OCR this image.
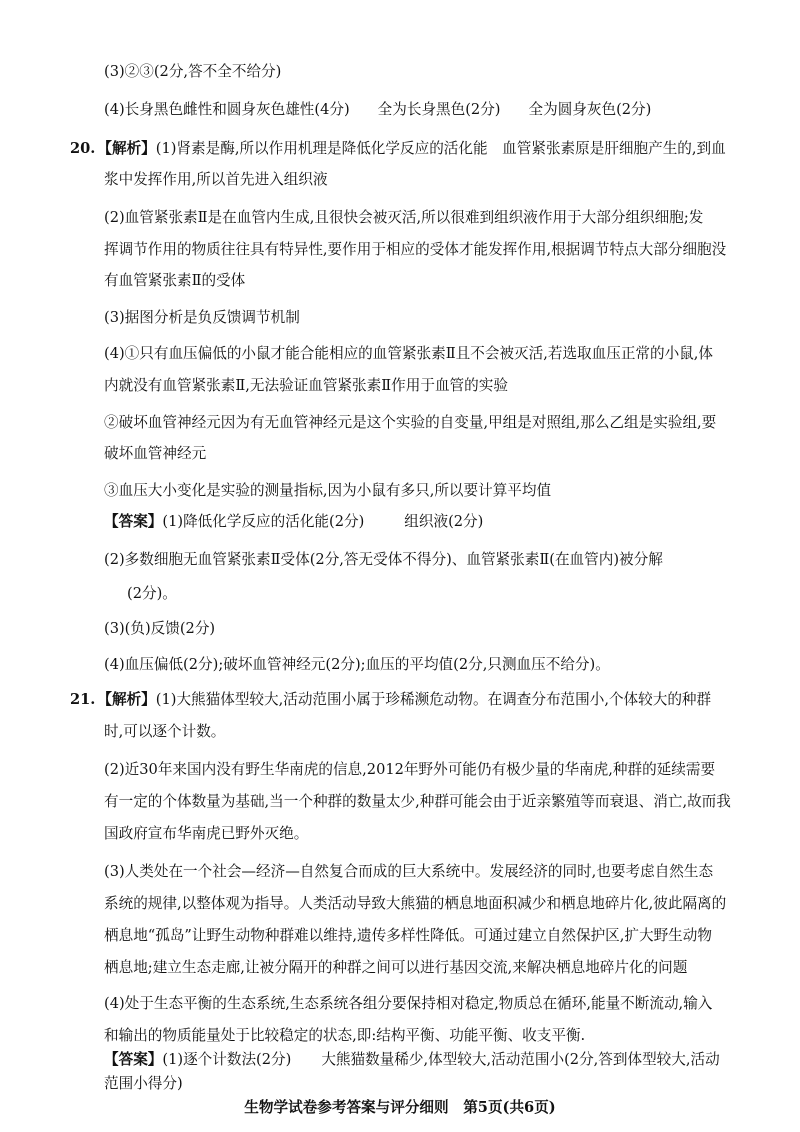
(3)②③(2分,答不全不给分)
(4)长身黑色雌性和圆身灰色雄性(4分) 全为长身黑色(2分) 全为圆身灰色(2分)
20. 【解析】(1)肾素是酶,所以作用机理是降低化学反应的活化能　血管紧张素原是肝细胞产生的,到血
浆中发挥作用,所以首先进入组织液
(2)血管紧张素Ⅱ是在血管内生成,且很快会被灭活,所以很难到组织液作用于大部分组织细胞;发
挥调节作用的物质往往具有特异性,要作用于相应的受体才能发挥作用,根据调节特点大部分细胞没
有血管紧张素Ⅱ的受体
(3)据图分析是负反馈调节机制
(4)①只有血压偏低的小鼠才能合能相应的血管紧张素Ⅱ且不会被灭活,若选取血压正常的小鼠,体
内就没有血管紧张素Ⅱ,无法验证血管紧张素Ⅱ作用于血管的实验
②破坏血管神经元因为有无血管神经元是这个实验的自变量,甲组是对照组,那么乙组是实验组,要
破坏血管神经元
③血压大小变化是实验的测量指标,因为小鼠有多只,所以要计算平均值
【答案】(1)降低化学反应的活化能(2分)	组织液(2分)
(2)多数细胞无血管紧张素Ⅱ受体(2分,答无受体不得分)、血管紧张素Ⅱ(在血管内)被分解
(2分)。
(3)(负)反馈(2分)
(4)血压偏低(2分);破坏血管神经元(2分);血压的平均值(2分,只测血压不给分)。
21. 【解析】(1)大熊猫体型较大,活动范围小属于珍稀濒危动物。在调查分布范围小,个体较大的种群
时,可以逐个计数。
(2)近30年来国内没有野生华南虎的信息,2012年野外可能仍有极少量的华南虎,种群的延续需要
有一定的个体数量为基础,当一个种群的数量太少,种群可能会由于近亲繁殖等而衰退、消亡,故而我
国政府宣布华南虎已野外灭绝。
(3)人类处在一个社会—经济—自然复合而成的巨大系统中。发展经济的同时,也要考虑自然生态
系统的规律,以整体观为指导。人类活动导致大熊猫的栖息地面积减少和栖息地碎片化,彼此隔离的
栖息地“孤岛”让野生动物种群难以维持,遗传多样性降低。可通过建立自然保护区,扩大野生动物
栖息地;建立生态走廊,让被分隔开的种群之间可以进行基因交流,来解决栖息地碎片化的问题
(4)处于生态平衡的生态系统,生态系统各组分要保持相对稳定,物质总在循环,能量不断流动,输入
和输出的物质能量处于比较稳定的状态,即:结构平衡、功能平衡、收支平衡.
【答案】(1)逐个计数法(2分) 大熊猫数量稀少,体型较大,活动范围小(2分,答到体型较大,活动
生物学试卷参考答案与评分细则　第5页(共6页)
范围小得分)
